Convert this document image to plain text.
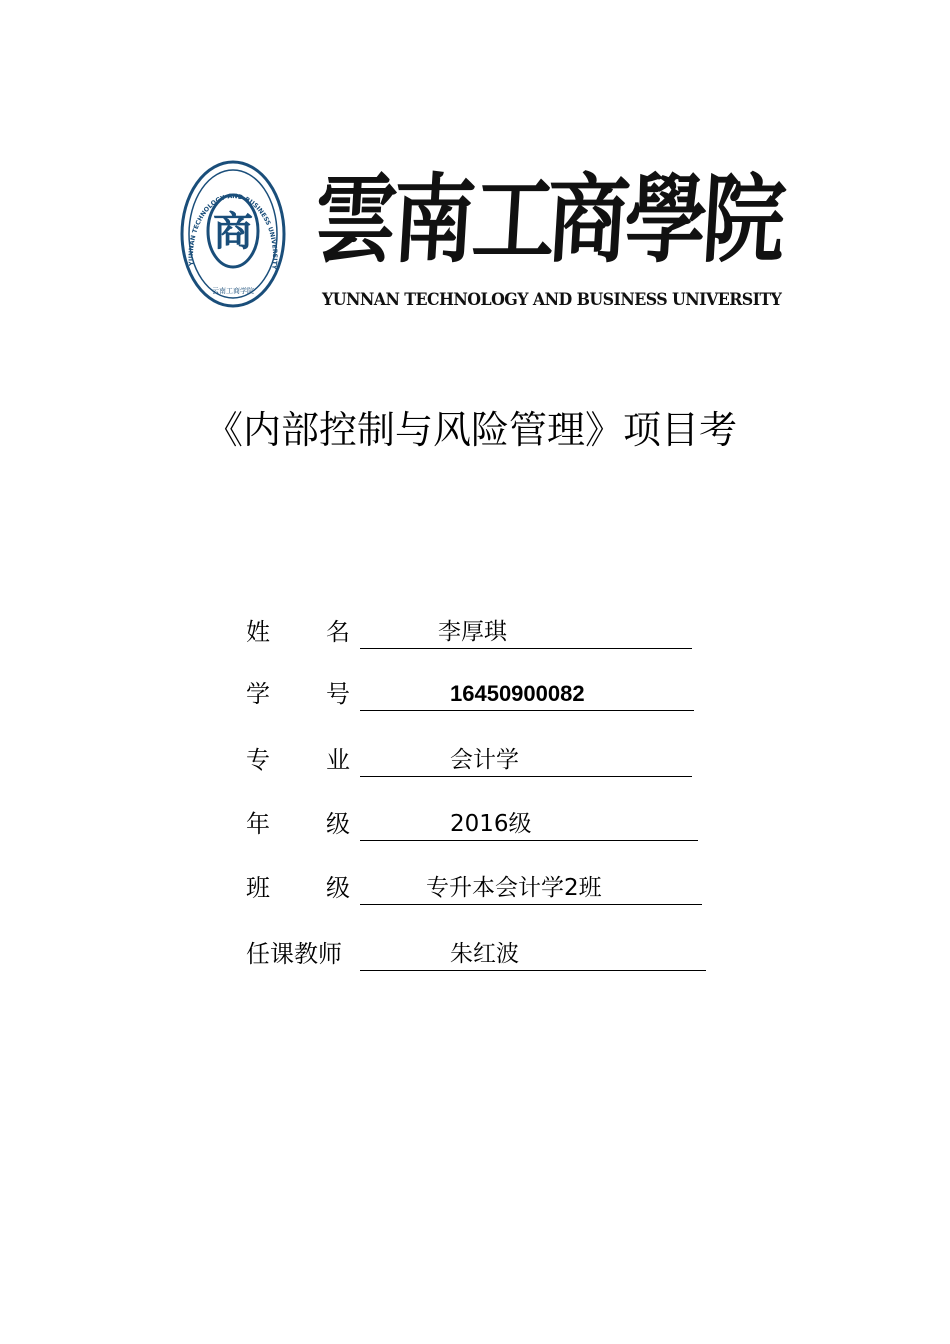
YUNNAN TECHNOLOGY AND BUSINESS UNIVERSITY
商
云南工商学院
雲
南
工
商
學
院
YUNNAN TECHNOLOGY AND BUSINESS UNIVERSITY
《内部控制与风险管理》项目考
姓 名	李厚琪
学 号	16450900082
专 业	会计学
年 级	2016级
班 级	专升本会计学2班
任课教师	朱红波
